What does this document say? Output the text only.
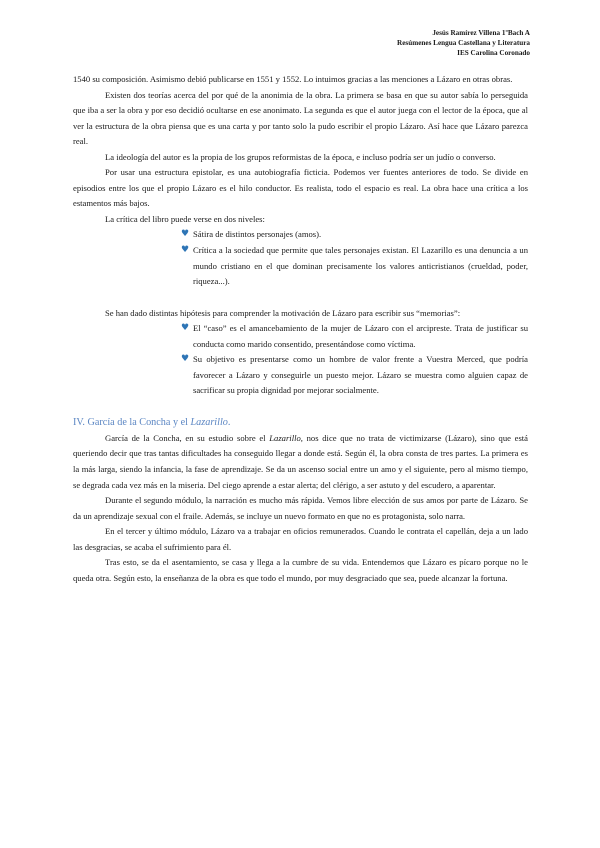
Jesús Ramírez Villena 1ºBach A
Resúmenes Lengua Castellana y Literatura
IES Carolina Coronado

1540 su composición. Asimismo debió publicarse en 1551 y 1552. Lo intuimos gracias a las menciones a Lázaro en otras obras.

Existen dos teorías acerca del por qué de la anonimia de la obra. La primera se basa en que su autor sabía lo perseguida que iba a ser la obra y por eso decidió ocultarse en ese anonimato. La segunda es que el autor juega con el lector de la época, que al ver la estructura de la obra piensa que es una carta y por tanto solo la pudo escribir el propio Lázaro. Así hace que Lázaro parezca real.

La ideología del autor es la propia de los grupos reformistas de la época, e incluso podría ser un judío o converso.

Por usar una estructura epistolar, es una autobiografía ficticia. Podemos ver fuentes anteriores de todo. Se divide en episodios entre los que el propio Lázaro es el hilo conductor. Es realista, todo el espacio es real. La obra hace una crítica a los estamentos más bajos.

La crítica del libro puede verse en dos niveles:

♥ Sátira de distintos personajes (amos).
♥ Crítica a la sociedad que permite que tales personajes existan. El Lazarillo es una denuncia a un mundo cristiano en el que dominan precisamente los valores anticristianos (crueldad, poder, riqueza...).

Se han dado distintas hipótesis para comprender la motivación de Lázaro para escribir sus “memorias”:

♥ El “caso” es el amancebamiento de la mujer de Lázaro con el arcipreste. Trata de justificar su conducta como marido consentido, presentándose como víctima.
♥ Su objetivo es presentarse como un hombre de valor frente a Vuestra Merced, que podría favorecer a Lázaro y conseguirle un puesto mejor. Lázaro se muestra como alguien capaz de sacrificar su propia dignidad por mejorar socialmente.
IV. García de la Concha y el Lazarillo.

García de la Concha, en su estudio sobre el Lazarillo, nos dice que no trata de victimizarse (Lázaro), sino que está queriendo decir que tras tantas dificultades ha conseguido llegar a donde está. Según él, la obra consta de tres partes. La primera es la más larga, siendo la infancia, la fase de aprendizaje. Se da un ascenso social entre un amo y el siguiente, pero al mismo tiempo, se degrada cada vez más en la miseria. Del ciego aprende a estar alerta; del clérigo, a ser astuto y del escudero, a aparentar.

Durante el segundo módulo, la narración es mucho más rápida. Vemos libre elección de sus amos por parte de Lázaro. Se da un aprendizaje sexual con el fraile. Además, se incluye un nuevo formato en que no es protagonista, solo narra.

En el tercer y último módulo, Lázaro va a trabajar en oficios remunerados. Cuando le contrata el capellán, deja a un lado las desgracias, se acaba el sufrimiento para él.

Tras esto, se da el asentamiento, se casa y llega a la cumbre de su vida. Entendemos que Lázaro es pícaro porque no le queda otra. Según esto, la enseñanza de la obra es que todo el mundo, por muy desgraciado que sea, puede alcanzar la fortuna.
